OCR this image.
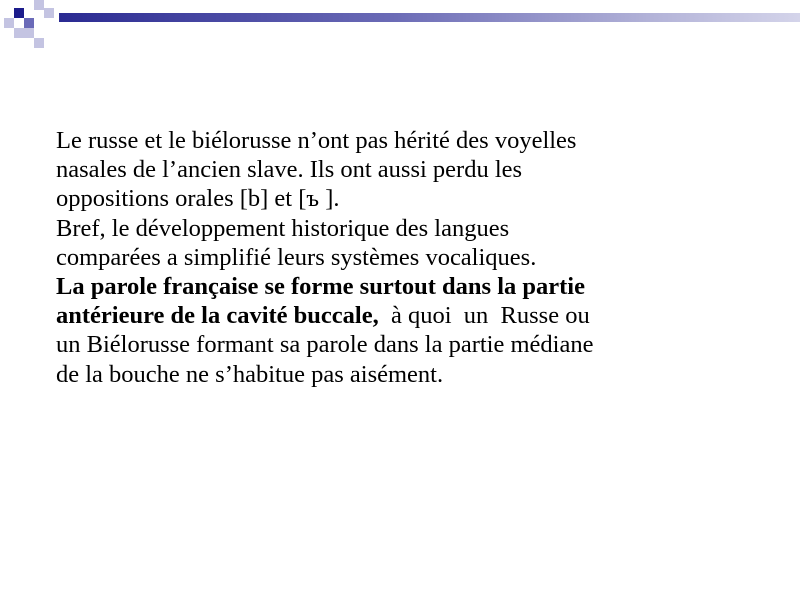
Le russe et le biélorusse n’ont pas hérité des voyelles

nasales de l’ancien slave. Ils ont aussi perdu les

oppositions orales [b] et [ъ ].

Bref, le développement historique des langues

comparées a simplifié leurs systèmes vocaliques.

La parole française se forme surtout dans la partie

antérieure de la cavité buccale,  à quoi  un  Russe ou

un Biélorusse formant sa parole dans la partie médiane

de la bouche ne s’habitue pas aisément.
